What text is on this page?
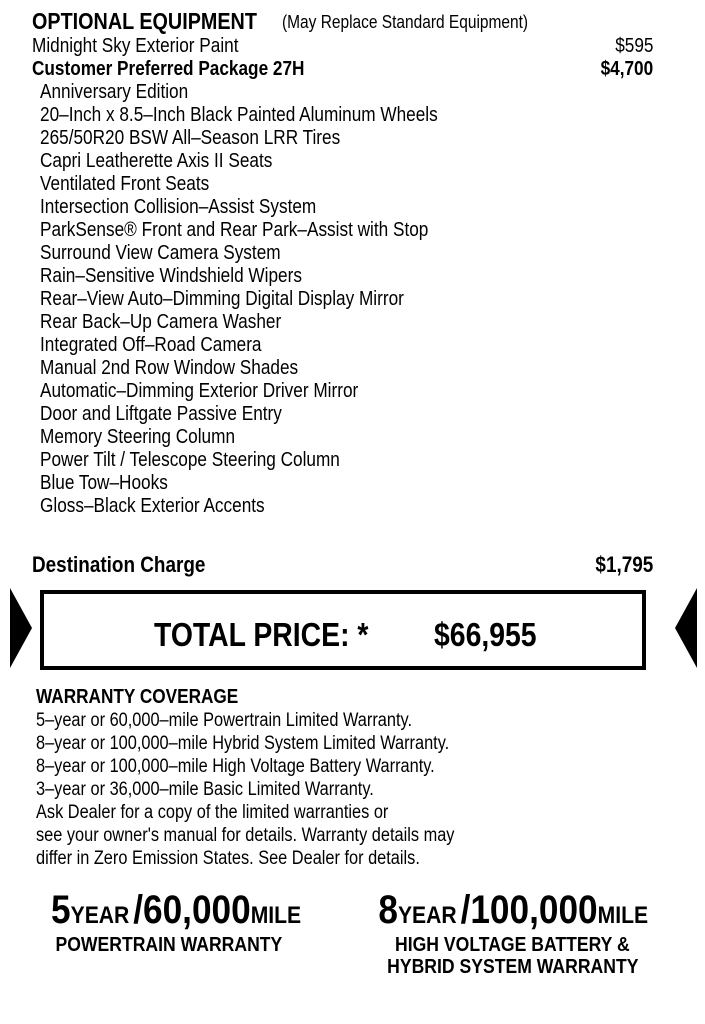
OPTIONAL EQUIPMENT (May Replace Standard Equipment)
Midnight Sky Exterior Paint	$595
Customer Preferred Package 27H	$4,700
Anniversary Edition
20–Inch x 8.5–Inch Black Painted Aluminum Wheels
265/50R20 BSW All–Season LRR Tires
Capri Leatherette Axis II Seats
Ventilated Front Seats
Intersection Collision–Assist System
ParkSense® Front and Rear Park–Assist with Stop
Surround View Camera System
Rain–Sensitive Windshield Wipers
Rear–View Auto–Dimming Digital Display Mirror
Rear Back–Up Camera Washer
Integrated Off–Road Camera
Manual 2nd Row Window Shades
Automatic–Dimming Exterior Driver Mirror
Door and Liftgate Passive Entry
Memory Steering Column
Power Tilt / Telescope Steering Column
Blue Tow–Hooks
Gloss–Black Exterior Accents
Destination Charge	$1,795
TOTAL PRICE: * $66,955
WARRANTY COVERAGE
5–year or 60,000–mile Powertrain Limited Warranty.
8–year or 100,000–mile Hybrid System Limited Warranty.
8–year or 100,000–mile High Voltage Battery Warranty.
3–year or 36,000–mile Basic Limited Warranty.
Ask Dealer for a copy of the limited warranties or
see your owner's manual for details. Warranty details may
differ in Zero Emission States. See Dealer for details.
5YEAR /60,000MILE
POWERTRAIN WARRANTY
8YEAR /100,000MILE
HIGH VOLTAGE BATTERY &
HYBRID SYSTEM WARRANTY
